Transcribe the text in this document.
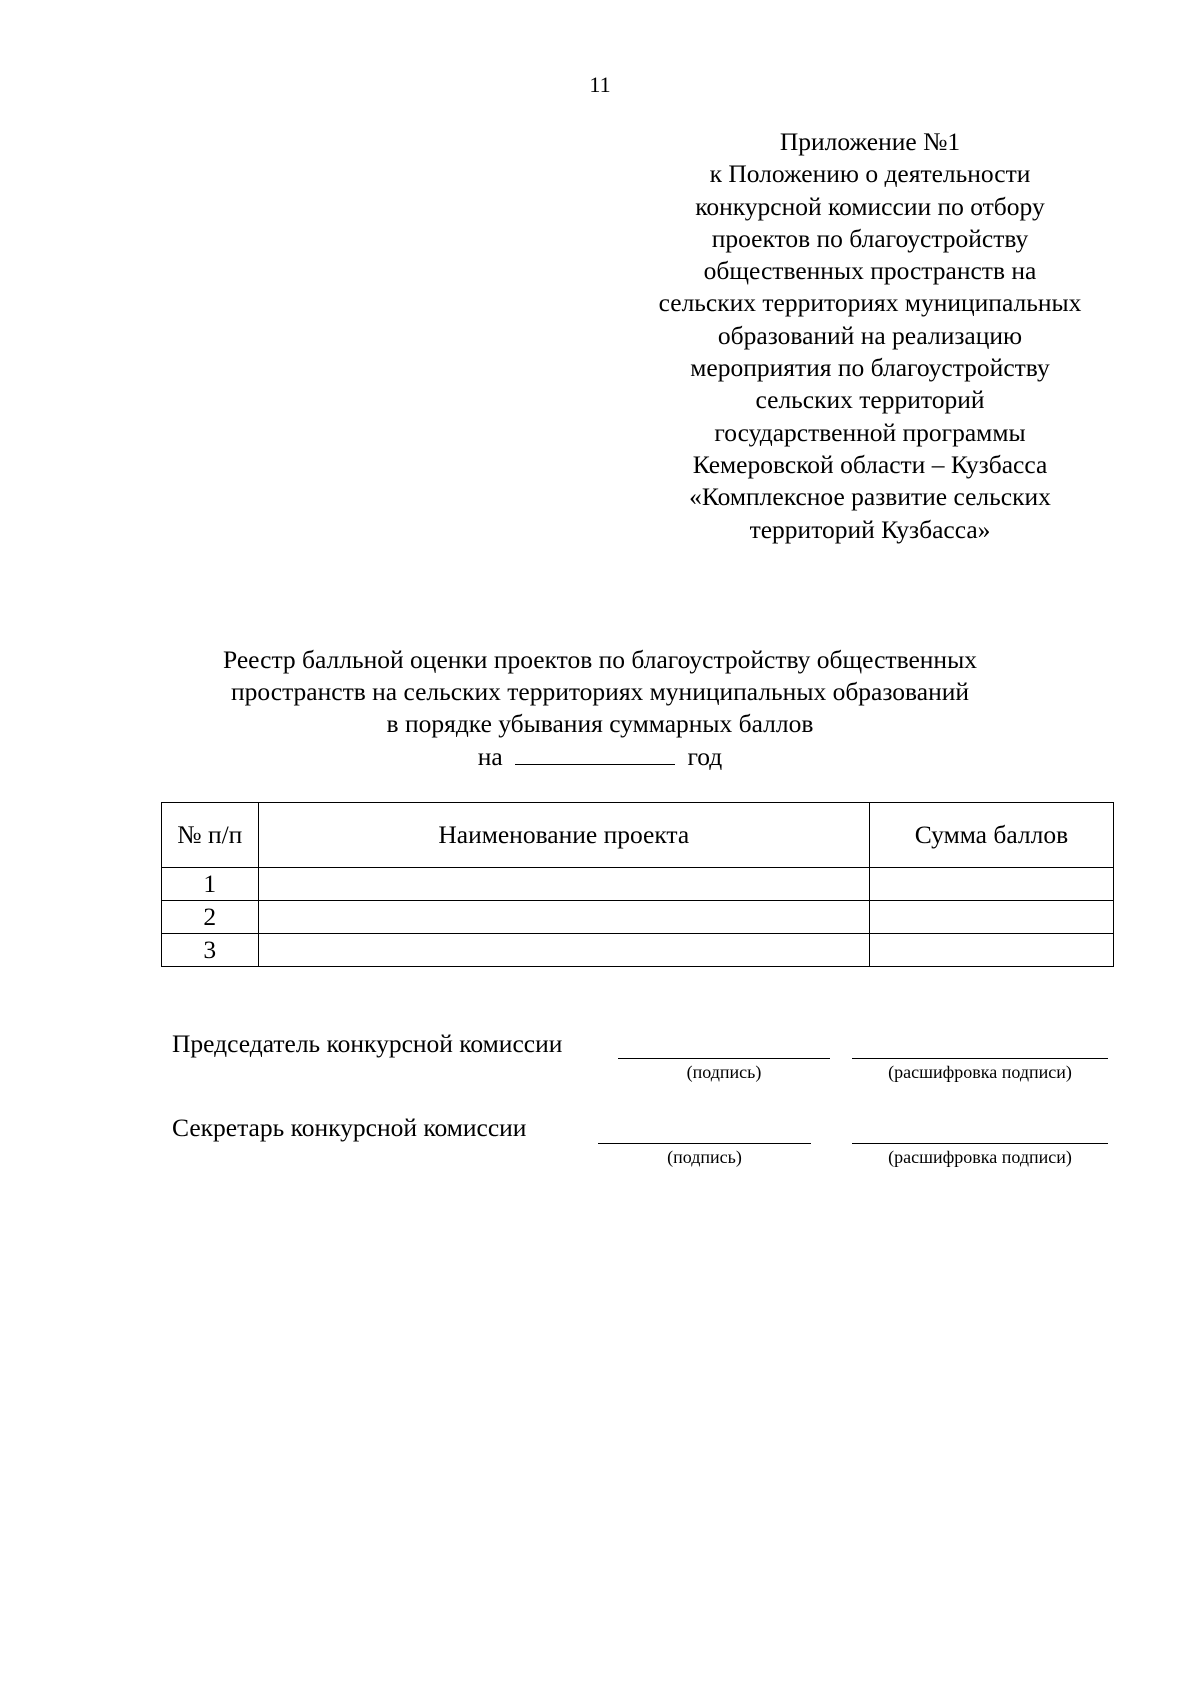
11
Приложение №1
к Положению о деятельности
конкурсной комиссии по отбору
проектов по благоустройству
общественных пространств на
сельских территориях муниципальных
образований на реализацию
мероприятия по благоустройству
сельских территорий
государственной программы
Кемеровской области – Кузбасса
«Комплексное развитие сельских
территорий Кузбасса»
Реестр балльной оценки проектов по благоустройству общественных
пространств на сельских территориях муниципальных образований
в порядке убывания суммарных баллов
на	год
№ п/п	Наименование проекта	Сумма баллов
1		
2		
3		
Председатель конкурсной комиссии
(подпись)	(расшифровка подписи)
Секретарь конкурсной комиссии
(подпись)	(расшифровка подписи)
